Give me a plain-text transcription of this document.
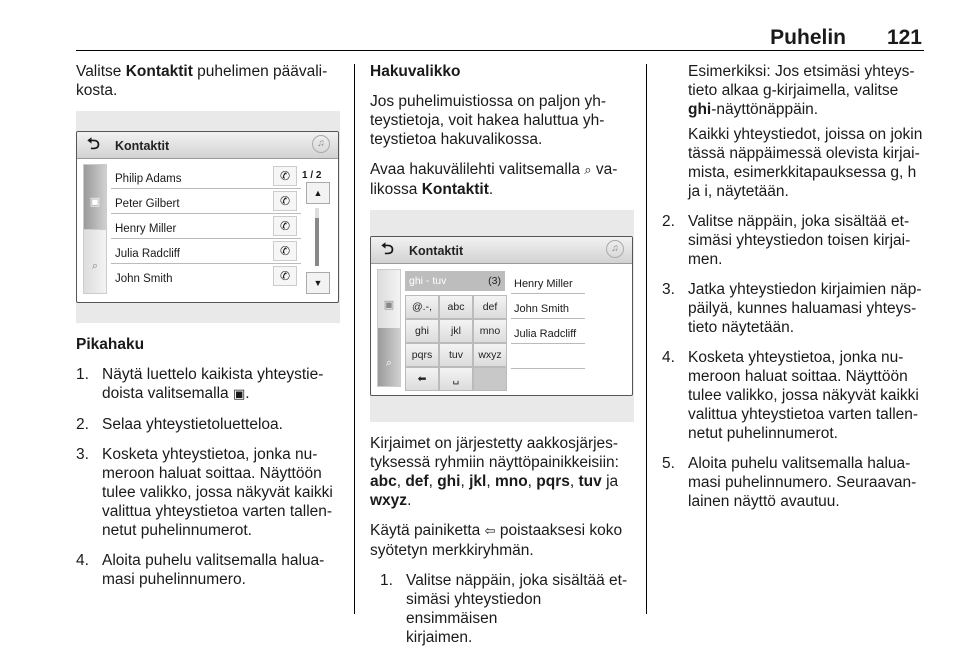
Puhelin 121

Valitse Kontaktit puhelimen päävali-
kosta.

⮌ Kontaktit	♫
▣
⌕
Philip Adams	✆
Peter Gilbert	✆
Henry Miller	✆
Julia Radcliff	✆
John Smith	✆
1 / 2
▲
▼

Pikahaku

1. Näytä luettelo kaikista yhteystie-
doista valitsemalla ▣.
2. Selaa yhteystietoluetteloa.
3. Kosketa yhteystietoa, jonka nu-
meroon haluat soittaa. Näyttöön
tulee valikko, jossa näkyvät kaikki
valittua yhteystietoa varten tallen-
netut puhelinnumerot.
4. Aloita puhelu valitsemalla halua-
masi puhelinnumero.

Hakuvalikko

Jos puhelimuistiossa on paljon yh-
teystietoja, voit hakea haluttua yh-
teystietoa hakuvalikossa.

Avaa hakuvälilehti valitsemalla ⌕ va-
likossa Kontaktit.

⮌ Kontaktit	♫
▣
⌕
ghi - tuv	(3)
@.-,	abc	def
ghi	jkl	mno
pqrs	tuv	wxyz
⬅	␣
Henry Miller
John Smith
Julia Radcliff

Kirjaimet on järjestetty aakkosjärjes-
tyksessä ryhmiin näyttöpainikkeisiin:

abc, def, ghi, jkl, mno, pqrs, tuv ja
wxyz.

Käytä painiketta ⇦ poistaaksesi koko
syötetyn merkkiryhmän.

1. Valitse näppäin, joka sisältää et-
simäsi yhteystiedon ensimmäisen
kirjaimen.

Esimerkiksi: Jos etsimäsi yhteys-
tieto alkaa g-kirjaimella, valitse
ghi-näyttönäppäin.

Kaikki yhteystiedot, joissa on jokin
tässä näppäimessä olevista kirjai-
mista, esimerkkitapauksessa g, h
ja i, näytetään.

2. Valitse näppäin, joka sisältää et-
simäsi yhteystiedon toisen kirjai-
men.
3. Jatka yhteystiedon kirjaimien näp-
päilyä, kunnes haluamasi yhteys-
tieto näytetään.
4. Kosketa yhteystietoa, jonka nu-
meroon haluat soittaa. Näyttöön
tulee valikko, jossa näkyvät kaikki
valittua yhteystietoa varten tallen-
netut puhelinnumerot.
5. Aloita puhelu valitsemalla halua-
masi puhelinnumero. Seuraavan-
lainen näyttö avautuu.
